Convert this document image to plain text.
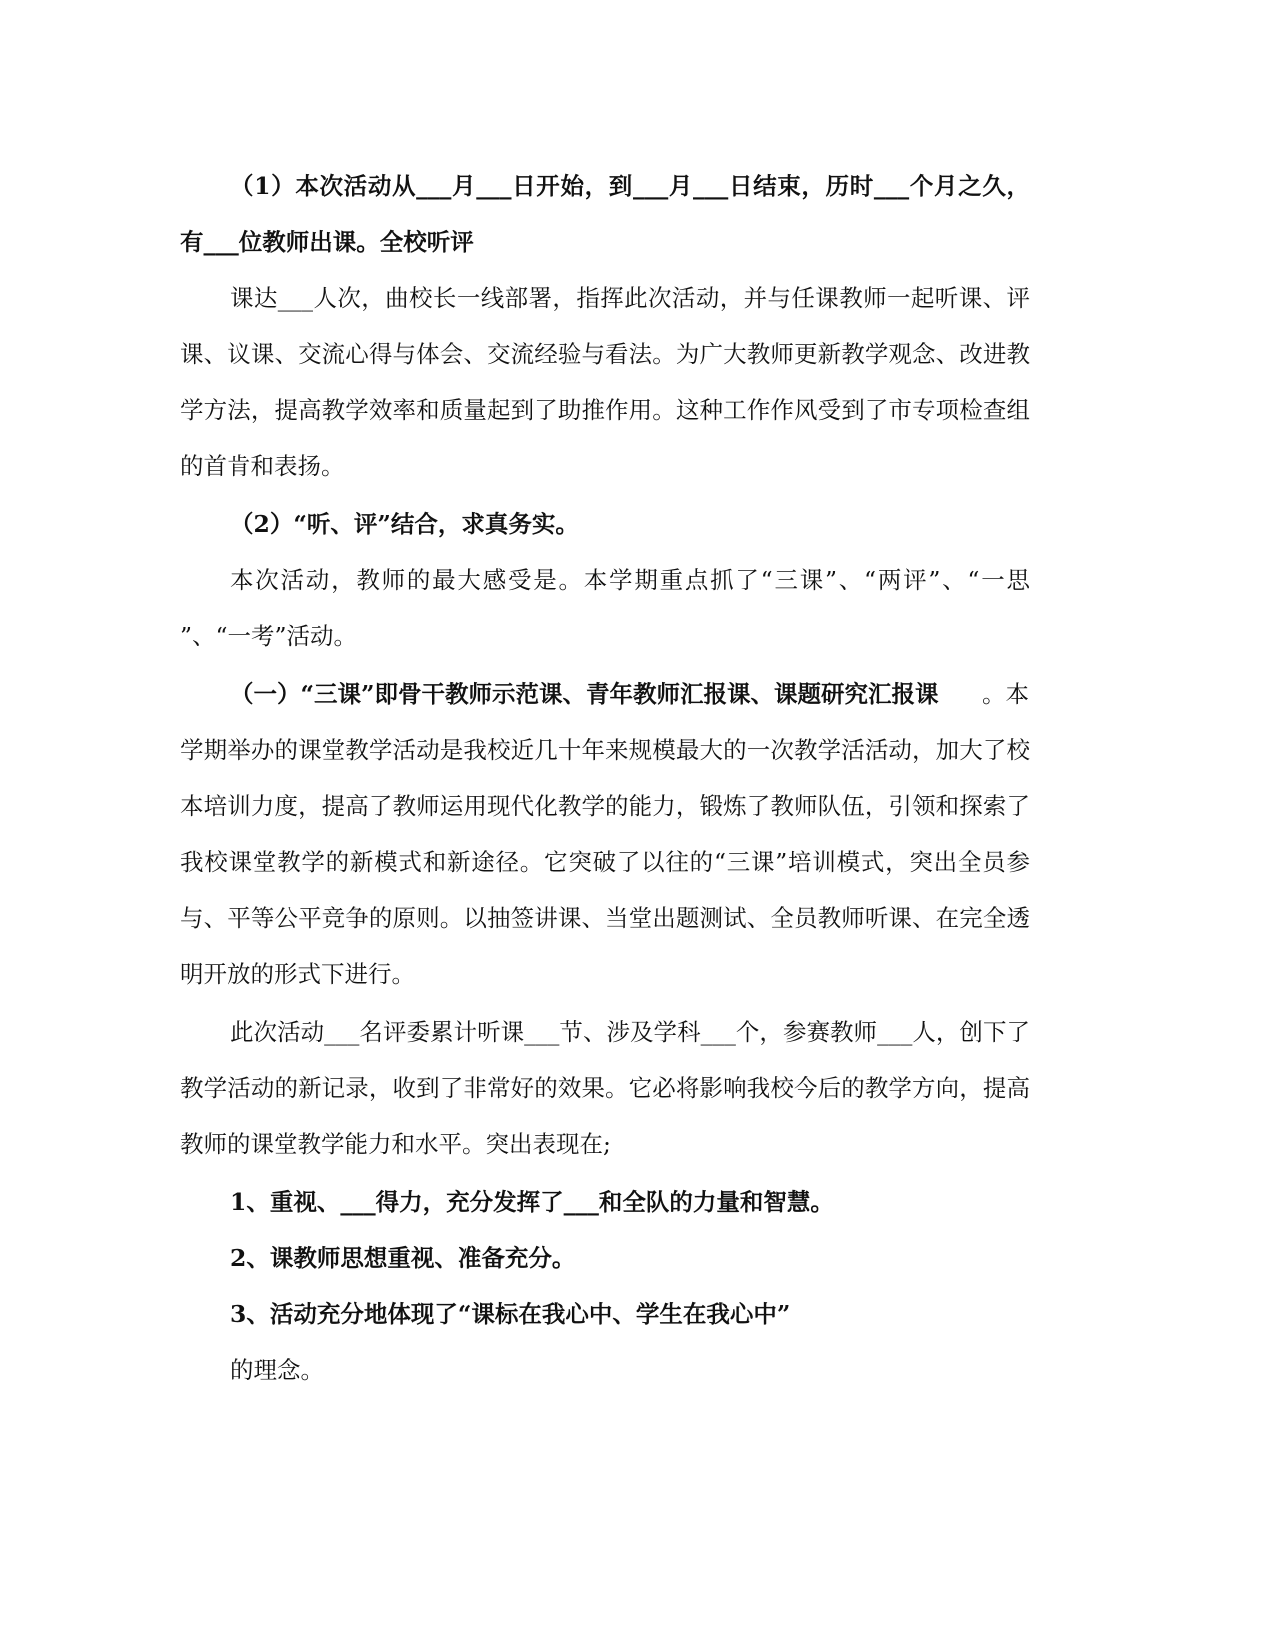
（1）本次活动从___月___日开始，到___月___日结束，历时___个月之久，
有___位教师出课。全校听评
课达___人次，曲校长一线部署，指挥此次活动，并与任课教师一起听课、评
课、议课、交流心得与体会、交流经验与看法。为广大教师更新教学观念、改进教
学方法，提高教学效率和质量起到了助推作用。这种工作作风受到了市专项检查组
的首肯和表扬。
（2）“听、评”结合，求真务实。
本次活动，教师的最大感受是。本学期重点抓了“三课”、“两评”、“一思
”、“一考”活动。
（一）“三课”即骨干教师示范课、青年教师汇报课、课题研究汇报课 。本
学期举办的课堂教学活动是我校近几十年来规模最大的一次教学活活动，加大了校
本培训力度，提高了教师运用现代化教学的能力，锻炼了教师队伍，引领和探索了
我校课堂教学的新模式和新途径。它突破了以往的“三课”培训模式，突出全员参
与、平等公平竞争的原则。以抽签讲课、当堂出题测试、全员教师听课、在完全透
明开放的形式下进行。
此次活动___名评委累计听课___节、涉及学科___个，参赛教师___人，创下了
教学活动的新记录，收到了非常好的效果。它必将影响我校今后的教学方向，提高
教师的课堂教学能力和水平。突出表现在;
1、重视、___得力，充分发挥了___和全队的力量和智慧。
2、课教师思想重视、准备充分。
3、活动充分地体现了“课标在我心中、学生在我心中”
的理念。
